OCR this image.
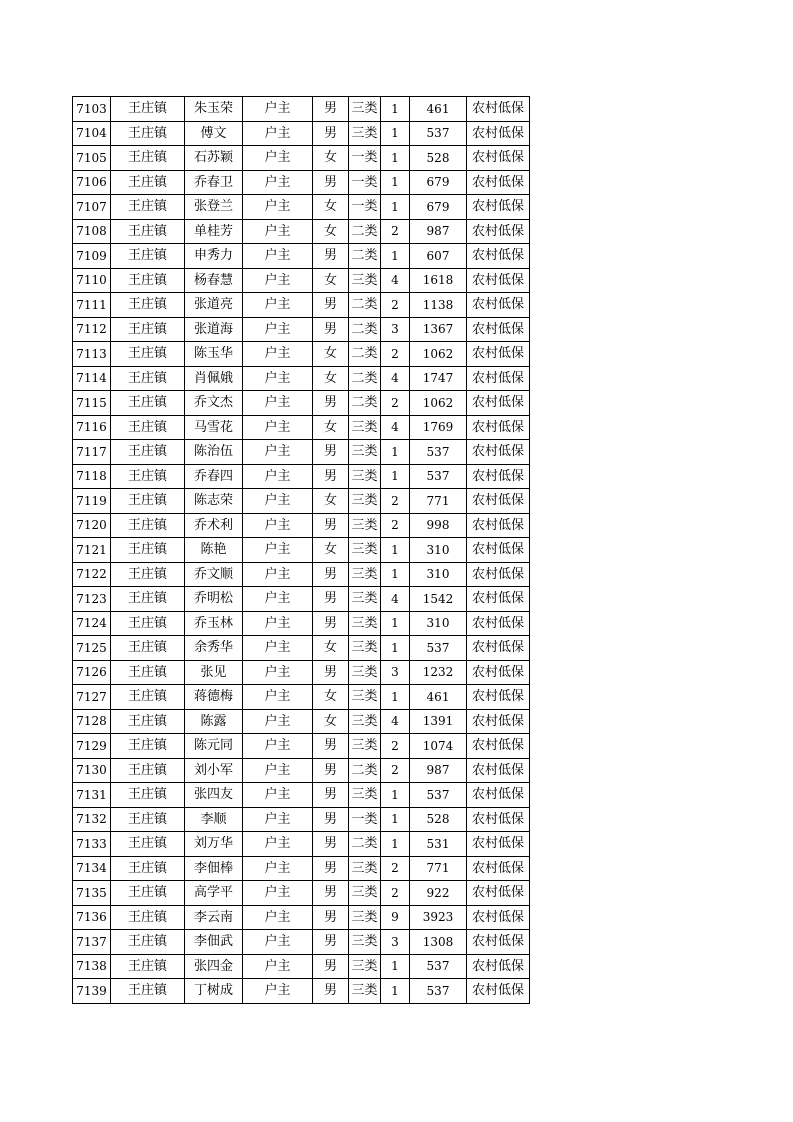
7103	王庄镇	朱玉荣	户主	男	三类	1	461	农村低保
7104	王庄镇	傅文	户主	男	三类	1	537	农村低保
7105	王庄镇	石苏颖	户主	女	一类	1	528	农村低保
7106	王庄镇	乔春卫	户主	男	一类	1	679	农村低保
7107	王庄镇	张登兰	户主	女	一类	1	679	农村低保
7108	王庄镇	单桂芳	户主	女	二类	2	987	农村低保
7109	王庄镇	申秀力	户主	男	二类	1	607	农村低保
7110	王庄镇	杨春慧	户主	女	三类	4	1618	农村低保
7111	王庄镇	张道亮	户主	男	二类	2	1138	农村低保
7112	王庄镇	张道海	户主	男	二类	3	1367	农村低保
7113	王庄镇	陈玉华	户主	女	二类	2	1062	农村低保
7114	王庄镇	肖佩娥	户主	女	二类	4	1747	农村低保
7115	王庄镇	乔文杰	户主	男	二类	2	1062	农村低保
7116	王庄镇	马雪花	户主	女	三类	4	1769	农村低保
7117	王庄镇	陈治伍	户主	男	三类	1	537	农村低保
7118	王庄镇	乔春四	户主	男	三类	1	537	农村低保
7119	王庄镇	陈志荣	户主	女	三类	2	771	农村低保
7120	王庄镇	乔术利	户主	男	三类	2	998	农村低保
7121	王庄镇	陈艳	户主	女	三类	1	310	农村低保
7122	王庄镇	乔文顺	户主	男	三类	1	310	农村低保
7123	王庄镇	乔明松	户主	男	三类	4	1542	农村低保
7124	王庄镇	乔玉林	户主	男	三类	1	310	农村低保
7125	王庄镇	余秀华	户主	女	三类	1	537	农村低保
7126	王庄镇	张见	户主	男	三类	3	1232	农村低保
7127	王庄镇	蒋德梅	户主	女	三类	1	461	农村低保
7128	王庄镇	陈露	户主	女	三类	4	1391	农村低保
7129	王庄镇	陈元同	户主	男	三类	2	1074	农村低保
7130	王庄镇	刘小军	户主	男	二类	2	987	农村低保
7131	王庄镇	张四友	户主	男	三类	1	537	农村低保
7132	王庄镇	李顺	户主	男	一类	1	528	农村低保
7133	王庄镇	刘万华	户主	男	二类	1	531	农村低保
7134	王庄镇	李佃棒	户主	男	三类	2	771	农村低保
7135	王庄镇	高学平	户主	男	三类	2	922	农村低保
7136	王庄镇	李云南	户主	男	三类	9	3923	农村低保
7137	王庄镇	李佃武	户主	男	三类	3	1308	农村低保
7138	王庄镇	张四金	户主	男	三类	1	537	农村低保
7139	王庄镇	丁树成	户主	男	三类	1	537	农村低保
